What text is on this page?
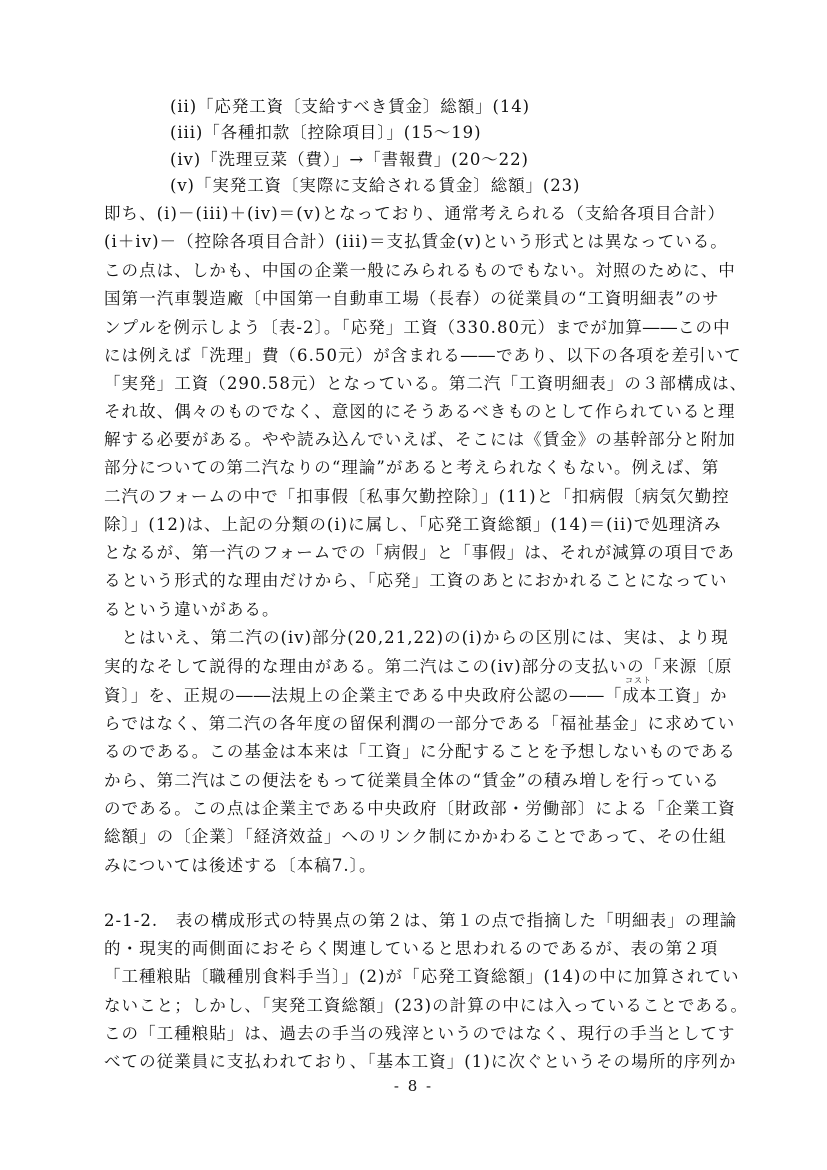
(ii)「応発工資〔支給すべき賃金〕総額」(14)
(iii)「各種扣款〔控除項目〕」(15～19)
(iv)「洗理豆菜（費）」→「書報費」(20～22)
(v)「実発工資〔実際に支給される賃金〕総額」(23)
即ち、(i)－(iii)＋(iv)＝(v)となっており、通常考えられる（支給各項目合計）
(i＋iv)－（控除各項目合計）(iii)＝支払賃金(v)という形式とは異なっている。
この点は、しかも、中国の企業一般にみられるものでもない。対照のために、中
国第一汽車製造廠〔中国第一自動車工場（長春）の従業員の“工資明細表”のサ
ンプルを例示しよう〔表-2〕。「応発」工資（330.80元）までが加算――この中
には例えば「洗理」費（6.50元）が含まれる――であり、以下の各項を差引いて
「実発」工資（290.58元）となっている。第二汽「工資明細表」の３部構成は、
それ故、偶々のものでなく、意図的にそうあるべきものとして作られていると理
解する必要がある。やや読み込んでいえば、そこには《賃金》の基幹部分と附加
部分についての第二汽なりの“理論”があると考えられなくもない。例えば、第
二汽のフォームの中で「扣事假〔私事欠勤控除〕」(11)と「扣病假〔病気欠勤控
除〕」(12)は、上記の分類の(i)に属し、「応発工資総額」(14)＝(ii)で処理済み
となるが、第一汽のフォームでの「病假」と「事假」は、それが減算の項目であ
るという形式的な理由だけから、「応発」工資のあとにおかれることになってい
るという違いがある。
　とはいえ、第二汽の(iv)部分(20,21,22)の(i)からの区別には、実は、より現
実的なそして説得的な理由がある。第二汽はこの(iv)部分の支払いの「来源〔原
コスト
資〕」を、正規の――法規上の企業主である中央政府公認の――「成本工資」か
らではなく、第二汽の各年度の留保利潤の一部分である「福祉基金」に求めてい
るのである。この基金は本来は「工資」に分配することを予想しないものである
から、第二汽はこの便法をもって従業員全体の“賃金”の積み増しを行っている
のである。この点は企業主である中央政府〔財政部・労働部〕による「企業工資
総額」の〔企業〕「経済效益」へのリンク制にかかわることであって、その仕組
みについては後述する〔本稿7.〕。
2-1-2.　表の構成形式の特異点の第２は、第１の点で指摘した「明細表」の理論
的・現実的両側面におそらく関連していると思われるのであるが、表の第２項
「工種粮貼〔職種別食料手当〕」(2)が「応発工資総額」(14)の中に加算されてい
ないこと；しかし、「実発工資総額」(23)の計算の中には入っていることである。
この「工種粮貼」は、過去の手当の残滓というのではなく、現行の手当としてす
べての従業員に支払われており、「基本工資」(1)に次ぐというその場所的序列か
- 8 -
